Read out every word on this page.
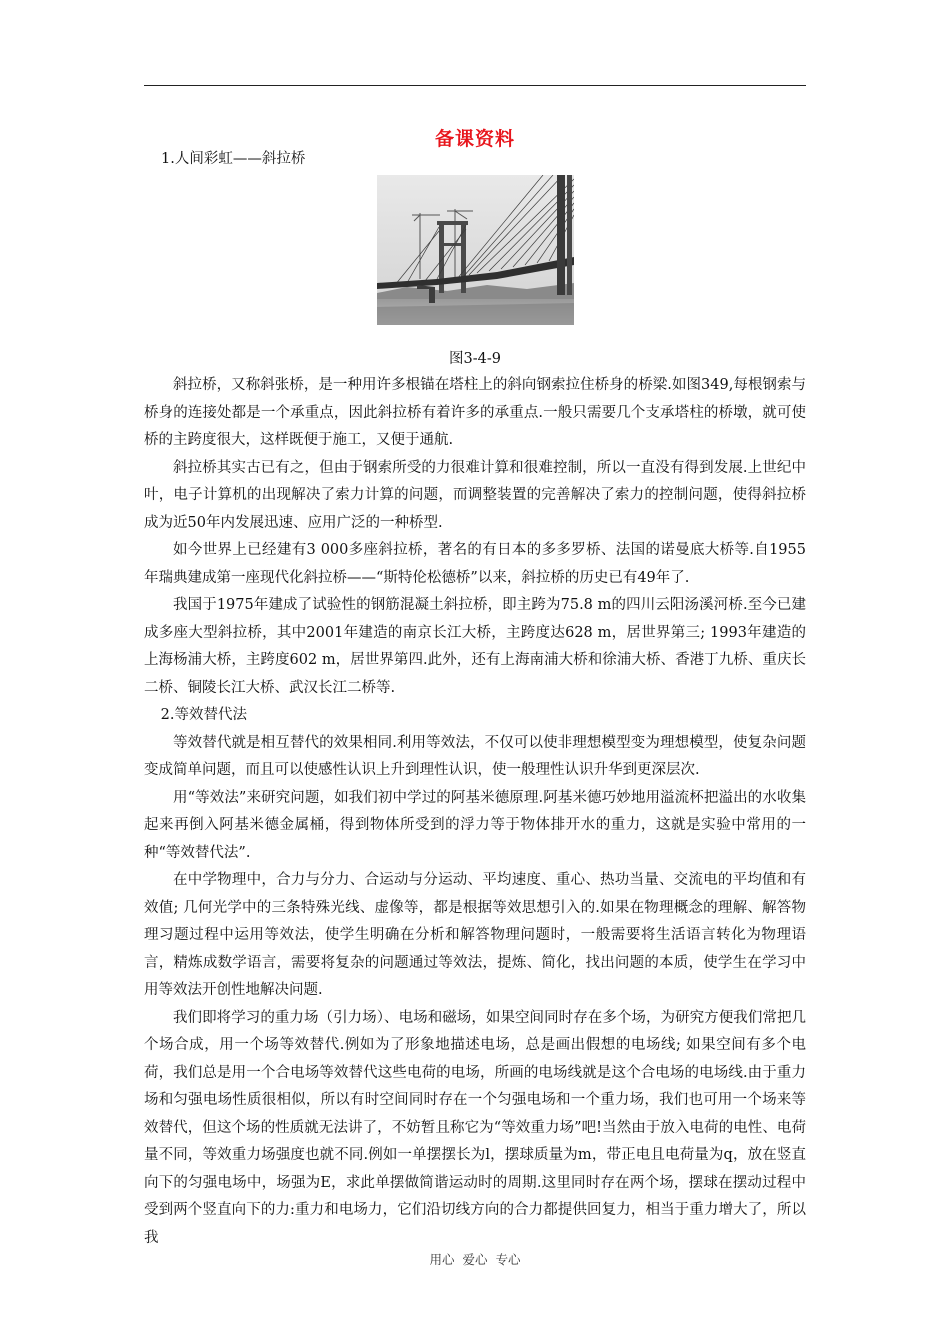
备课资料

1.人间彩虹——斜拉桥

图3-4-9

斜拉桥，又称斜张桥，是一种用许多根锚在塔柱上的斜向钢索拉住桥身的桥梁.如图349,每根钢索与桥身的连接处都是一个承重点，因此斜拉桥有着许多的承重点.一般只需要几个支承塔柱的桥墩，就可使桥的主跨度很大，这样既便于施工，又便于通航.

斜拉桥其实古已有之，但由于钢索所受的力很难计算和很难控制，所以一直没有得到发展.上世纪中叶，电子计算机的出现解决了索力计算的问题，而调整装置的完善解决了索力的控制问题，使得斜拉桥成为近50年内发展迅速、应用广泛的一种桥型.

如今世界上已经建有3 000多座斜拉桥，著名的有日本的多多罗桥、法国的诺曼底大桥等.自1955年瑞典建成第一座现代化斜拉桥——“斯特伦松德桥”以来，斜拉桥的历史已有49年了.

我国于1975年建成了试验性的钢筋混凝土斜拉桥，即主跨为75.8 m的四川云阳汤溪河桥.至今已建成多座大型斜拉桥，其中2001年建造的南京长江大桥，主跨度达628 m，居世界第三; 1993年建造的上海杨浦大桥，主跨度602 m，居世界第四.此外，还有上海南浦大桥和徐浦大桥、香港丁九桥、重庆长二桥、铜陵长江大桥、武汉长江二桥等.

2.等效替代法

等效替代就是相互替代的效果相同.利用等效法，不仅可以使非理想模型变为理想模型，使复杂问题变成简单问题，而且可以使感性认识上升到理性认识，使一般理性认识升华到更深层次.

用“等效法”来研究问题，如我们初中学过的阿基米德原理.阿基米德巧妙地用溢流杯把溢出的水收集起来再倒入阿基米德金属桶，得到物体所受到的浮力等于物体排开水的重力，这就是实验中常用的一种“等效替代法”.

在中学物理中，合力与分力、合运动与分运动、平均速度、重心、热功当量、交流电的平均值和有效值; 几何光学中的三条特殊光线、虚像等，都是根据等效思想引入的.如果在物理概念的理解、解答物理习题过程中运用等效法，使学生明确在分析和解答物理问题时，一般需要将生活语言转化为物理语言，精炼成数学语言，需要将复杂的问题通过等效法，提炼、简化，找出问题的本质，使学生在学习中用等效法开创性地解决问题.

我们即将学习的重力场（引力场）、电场和磁场，如果空间同时存在多个场，为研究方便我们常把几个场合成，用一个场等效替代.例如为了形象地描述电场，总是画出假想的电场线; 如果空间有多个电荷，我们总是用一个合电场等效替代这些电荷的电场，所画的电场线就是这个合电场的电场线.由于重力场和匀强电场性质很相似，所以有时空间同时存在一个匀强电场和一个重力场，我们也可用一个场来等效替代，但这个场的性质就无法讲了，不妨暂且称它为“等效重力场”吧!当然由于放入电荷的电性、电荷量不同，等效重力场强度也就不同.例如一单摆摆长为l，摆球质量为m，带正电且电荷量为q，放在竖直向下的匀强电场中，场强为E，求此单摆做简谐运动时的周期.这里同时存在两个场，摆球在摆动过程中受到两个竖直向下的力:重力和电场力，它们沿切线方向的合力都提供回复力，相当于重力增大了，所以我

用心 爱心 专心
